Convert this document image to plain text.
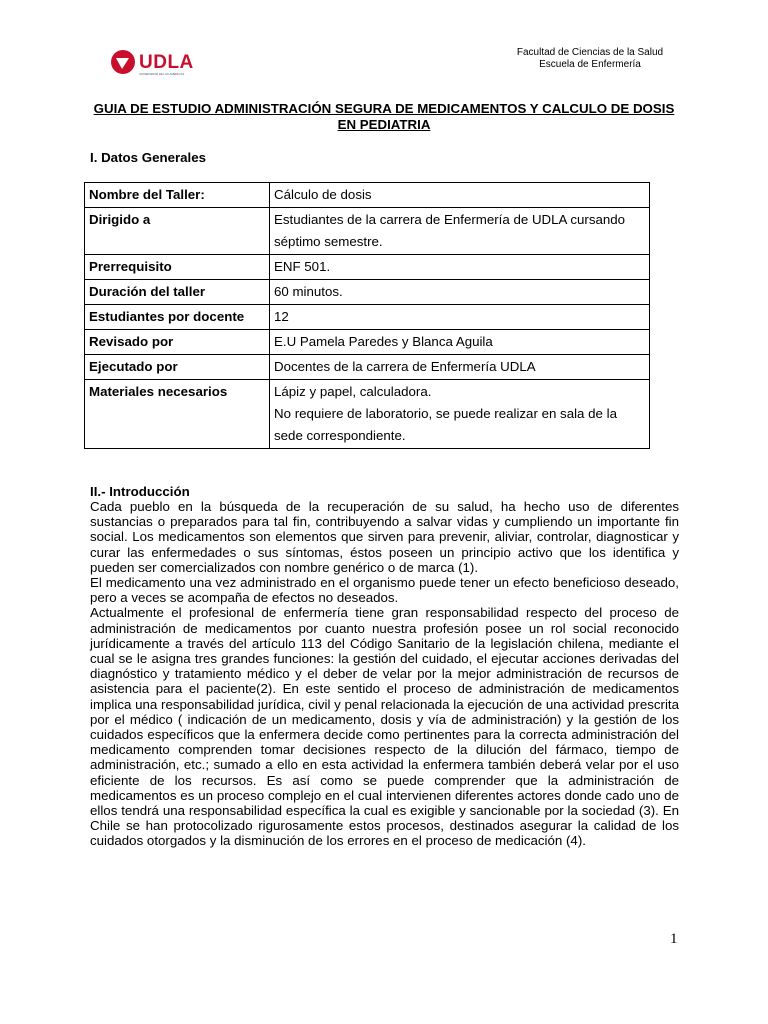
UDLA
UNIVERSIDAD DE LAS AMÉRICAS
Facultad de Ciencias de la Salud
Escuela de Enfermería
GUIA DE ESTUDIO ADMINISTRACIÓN SEGURA DE MEDICAMENTOS Y CALCULO DE DOSIS EN PEDIATRIA
I. Datos Generales
Nombre del Taller:	Cálculo de dosis
Dirigido a	Estudiantes de la carrera de Enfermería de UDLA cursando séptimo semestre.
Prerrequisito	ENF 501.
Duración del taller	60 minutos.
Estudiantes por docente	12
Revisado por	E.U Pamela Paredes y Blanca Aguila
Ejecutado por	Docentes de la carrera de Enfermería UDLA
Materiales necesarios	Lápiz y papel, calculadora.
No requiere de laboratorio, se puede realizar en sala de la sede correspondiente.
II.- Introducción

Cada pueblo en la búsqueda de la recuperación de su salud, ha hecho uso de diferentes sustancias o preparados para tal fin, contribuyendo a salvar vidas y cumpliendo un importante fin social. Los medicamentos son elementos que sirven para prevenir, aliviar, controlar, diagnosticar y curar las enfermedades o sus síntomas, éstos poseen un principio activo que los identifica y pueden ser comercializados con nombre genérico o de marca (1).

El medicamento una vez administrado en el organismo puede tener un efecto beneficioso deseado, pero a veces se acompaña de efectos no deseados.

Actualmente el profesional de enfermería tiene gran responsabilidad respecto del proceso de administración de medicamentos por cuanto nuestra profesión posee un rol social reconocido jurídicamente a través del artículo 113 del Código Sanitario de la legislación chilena, mediante el cual se le asigna tres grandes funciones: la gestión del cuidado, el ejecutar acciones derivadas del diagnóstico y tratamiento médico y el deber de velar por la mejor administración de recursos de asistencia para el paciente(2). En este sentido el proceso de administración de medicamentos implica una responsabilidad jurídica, civil y penal relacionada la ejecución de una actividad prescrita por el médico ( indicación de un medicamento, dosis y vía de administración) y la gestión de los cuidados específicos que la enfermera decide como pertinentes para la correcta administración del medicamento comprenden tomar decisiones respecto de la dilución del fármaco, tiempo de administración, etc.; sumado a ello en esta actividad la enfermera también deberá velar por el uso eficiente de los recursos. Es así como se puede comprender que la administración de medicamentos es un proceso complejo en el cual intervienen diferentes actores donde cado uno de ellos tendrá una responsabilidad específica la cual es exigible y sancionable por la sociedad (3). En Chile se han protocolizado rigurosamente estos procesos, destinados asegurar la calidad de los cuidados otorgados y la disminución de los errores en el proceso de medicación (4).

1
